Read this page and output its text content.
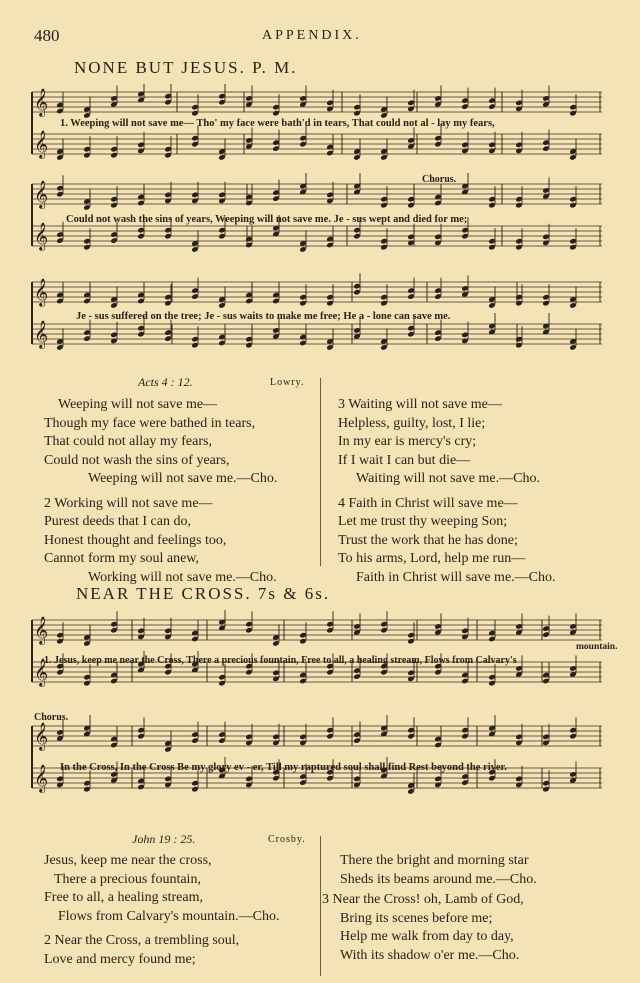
480	APPENDIX.
NONE BUT JESUS. P. M.
𝄞
𝄞
𝄞
𝄞
𝄞
𝄞
1. Weeping will not save me— Tho' my face were bath'd in tears, That could not al - lay my fears,
Chorus.
Could not wash the sins of years, Weeping will not save me. Je - sus wept and died for me;
Je - sus suffered on the tree; Je - sus waits to make me free; He a - lone can save me.
Acts 4 : 12.	Lowry.
Weeping will not save me—
Though my face were bathed in tears,
That could not allay my fears,
Could not wash the sins of years,
Weeping will not save me.—Cho.
2 Working will not save me—
Purest deeds that I can do,
Honest thought and feelings too,
Cannot form my soul anew,
Working will not save me.—Cho.
3 Waiting will not save me—
Helpless, guilty, lost, I lie;
In my ear is mercy's cry;
If I wait I can but die—
Waiting will not save me.—Cho.
4 Faith in Christ will save me—
Let me trust thy weeping Son;
Trust the work that he has done;
To his arms, Lord, help me run—
Faith in Christ will save me.—Cho.
NEAR THE CROSS. 7s & 6s.
𝄞
𝄞
𝄞
𝄞
mountain.
1. Jesus, keep me near the Cross, There a precious fountain, Free to all, a healing stream, Flows from Calvary's
Chorus.
In the Cross, In the Cross Be my glory ev - er, Till my raptured soul shall find Rest beyond the river.
John 19 : 25.	Crosby.
Jesus, keep me near the cross,
There a precious fountain,
Free to all, a healing stream,
Flows from Calvary's mountain.—Cho.
2 Near the Cross, a trembling soul,
Love and mercy found me;
There the bright and morning star
Sheds its beams around me.—Cho.
3 Near the Cross! oh, Lamb of God,
Bring its scenes before me;
Help me walk from day to day,
With its shadow o'er me.—Cho.
